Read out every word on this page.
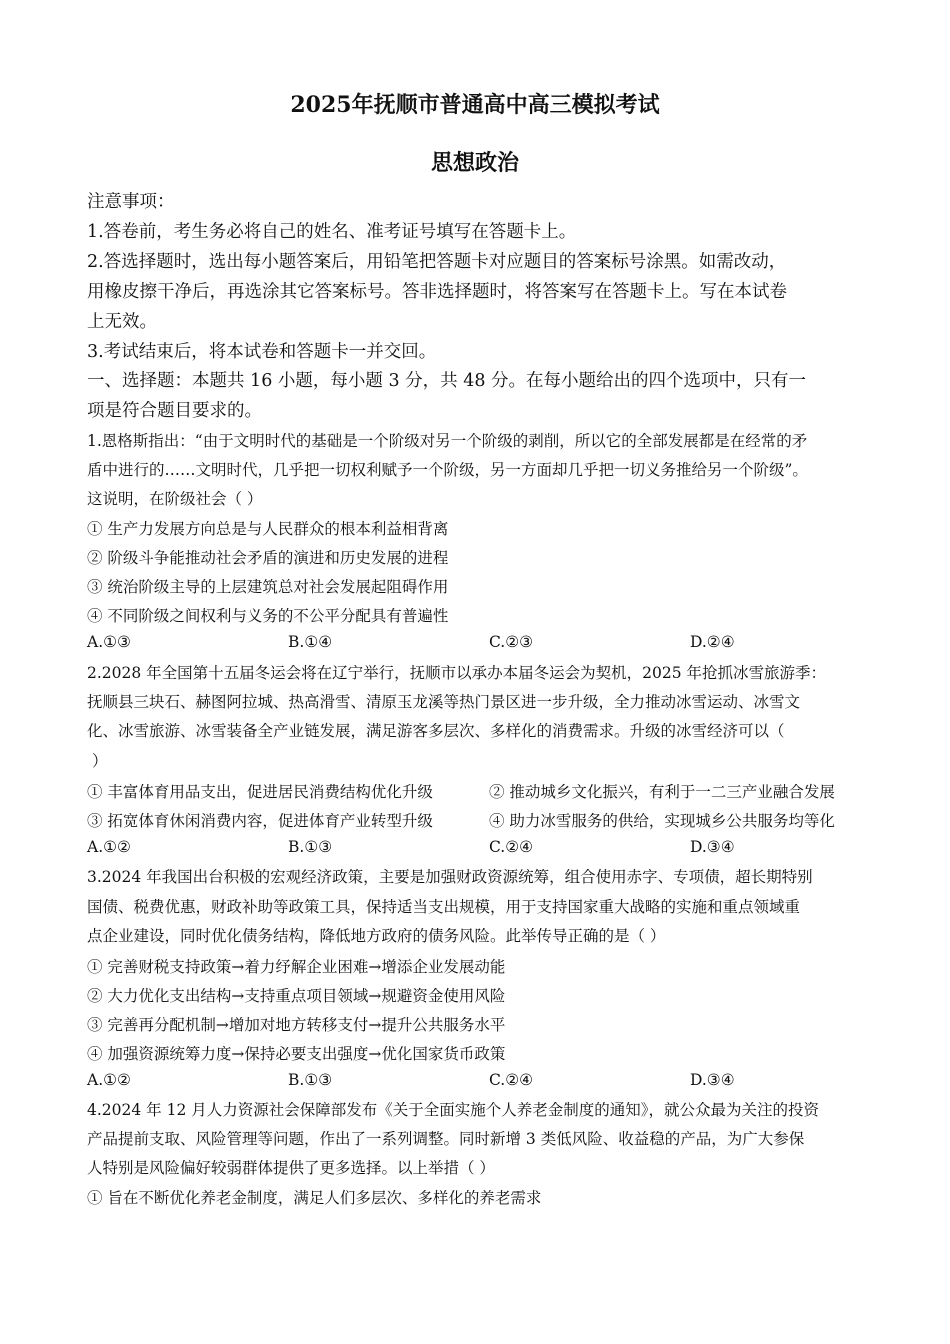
2025年抚顺市普通高中高三模拟考试
思想政治
注意事项：
1.答卷前，考生务必将自己的姓名、准考证号填写在答题卡上。
2.答选择题时，选出每小题答案后，用铅笔把答题卡对应题目的答案标号涂黑。如需改动，
用橡皮擦干净后，再选涂其它答案标号。答非选择题时，将答案写在答题卡上。写在本试卷
上无效。
3.考试结束后，将本试卷和答题卡一并交回。
一、选择题：本题共 16 小题，每小题 3 分，共 48 分。在每小题给出的四个选项中，只有一
项是符合题目要求的。
1.恩格斯指出：“由于文明时代的基础是一个阶级对另一个阶级的剥削，所以它的全部发展都是在经常的矛
盾中进行的……文明时代，几乎把一切权利赋予一个阶级，另一方面却几乎把一切义务推给另一个阶级”。
这说明，在阶级社会（ ）
① 生产力发展方向总是与人民群众的根本利益相背离
② 阶级斗争能推动社会矛盾的演进和历史发展的进程
③ 统治阶级主导的上层建筑总对社会发展起阻碍作用
④ 不同阶级之间权利与义务的不公平分配具有普遍性
A.①③	B.①④	C.②③	D.②④
2.2028 年全国第十五届冬运会将在辽宁举行，抚顺市以承办本届冬运会为契机，2025 年抢抓冰雪旅游季：
抚顺县三块石、赫图阿拉城、热高滑雪、清原玉龙溪等热门景区进一步升级，全力推动冰雪运动、冰雪文
化、冰雪旅游、冰雪装备全产业链发展，满足游客多层次、多样化的消费需求。升级的冰雪经济可以（
）
① 丰富体育用品支出，促进居民消费结构优化升级	② 推动城乡文化振兴，有利于一二三产业融合发展
③ 拓宽体育休闲消费内容，促进体育产业转型升级	④ 助力冰雪服务的供给，实现城乡公共服务均等化
A.①②	B.①③	C.②④	D.③④
3.2024 年我国出台积极的宏观经济政策，主要是加强财政资源统筹，组合使用赤字、专项债，超长期特别
国债、税费优惠，财政补助等政策工具，保持适当支出规模，用于支持国家重大战略的实施和重点领域重
点企业建设，同时优化债务结构，降低地方政府的债务风险。此举传导正确的是（ ）
① 完善财税支持政策→着力纾解企业困难→增添企业发展动能
② 大力优化支出结构→支持重点项目领域→规避资金使用风险
③ 完善再分配机制→增加对地方转移支付→提升公共服务水平
④ 加强资源统筹力度→保持必要支出强度→优化国家货币政策
A.①②	B.①③	C.②④	D.③④
4.2024 年 12 月人力资源社会保障部发布《关于全面实施个人养老金制度的通知》，就公众最为关注的投资
产品提前支取、风险管理等问题，作出了一系列调整。同时新增 3 类低风险、收益稳的产品，为广大参保
人特别是风险偏好较弱群体提供了更多选择。以上举措（ ）
① 旨在不断优化养老金制度，满足人们多层次、多样化的养老需求
